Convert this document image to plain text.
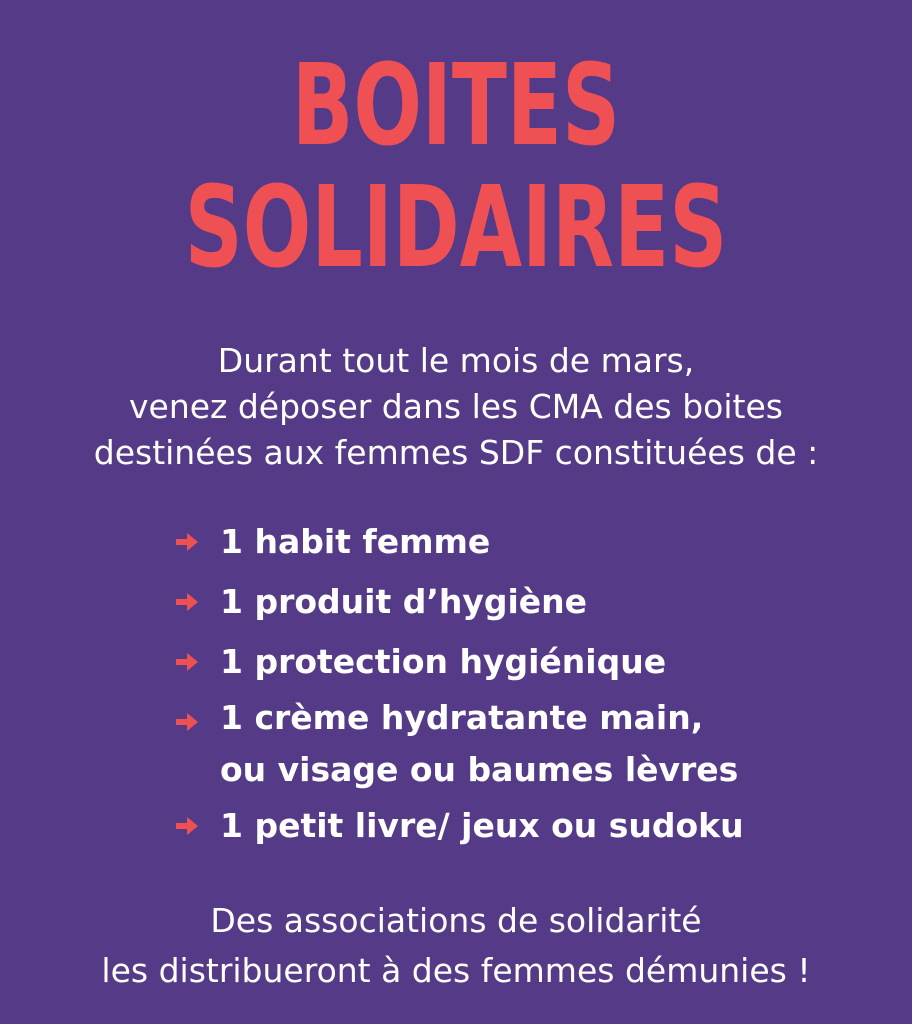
BOITES
SOLIDAIRES
Durant tout le mois de mars,
venez déposer dans les CMA des boites
destinées aux femmes SDF constituées de :
1 habit femme
1 produit d’hygiène
1 protection hygiénique
1 crème hydratante main,
ou visage ou baumes lèvres
1 petit livre/ jeux ou sudoku
Des associations de solidarité
les distribueront à des femmes démunies !
